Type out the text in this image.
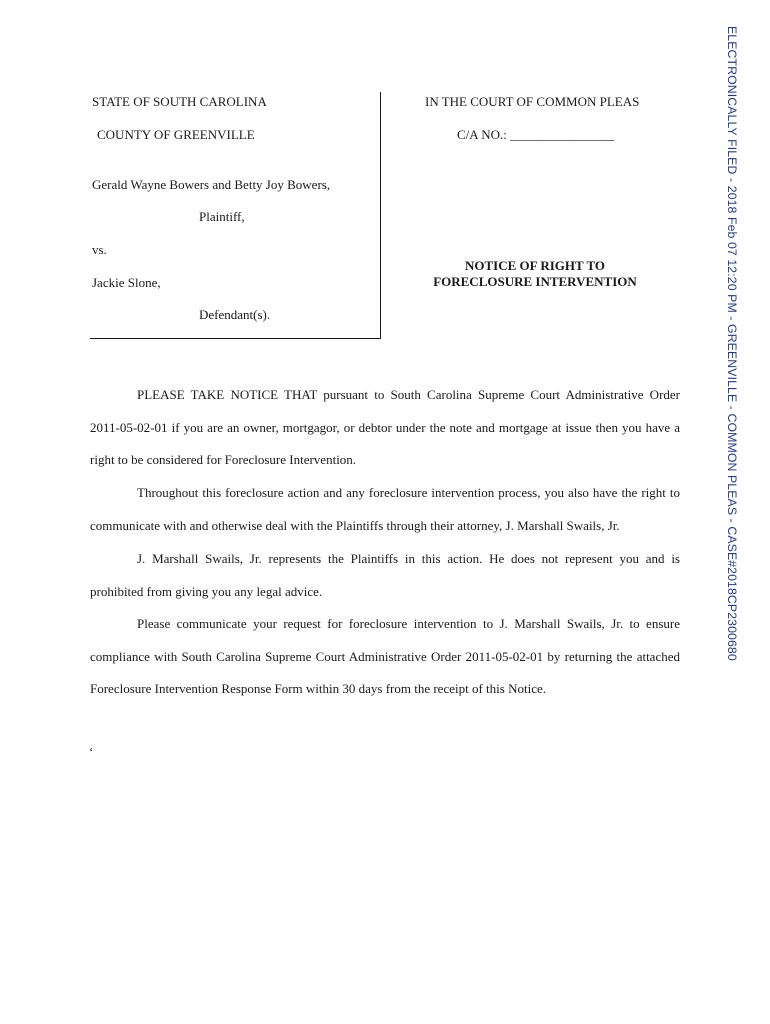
STATE OF SOUTH CAROLINA
COUNTY OF GREENVILLE
Gerald Wayne Bowers and Betty Joy Bowers,
Plaintiff,
vs.
Jackie Slone,
Defendant(s).
IN THE COURT OF COMMON PLEAS
C/A NO.: ________________
NOTICE OF RIGHT TO
FORECLOSURE INTERVENTION
PLEASE TAKE NOTICE THAT pursuant to South Carolina Supreme Court Administrative Order 2011-05-02-01 if you are an owner, mortgagor, or debtor under the note and mortgage at issue then you have a right to be considered for Foreclosure Intervention.
Throughout this foreclosure action and any foreclosure intervention process, you also have the right to communicate with and otherwise deal with the Plaintiffs through their attorney, J. Marshall Swails, Jr.
J. Marshall Swails, Jr. represents the Plaintiffs in this action. He does not represent you and is prohibited from giving you any legal advice.
Please communicate your request for foreclosure intervention to J. Marshall Swails, Jr. to ensure compliance with South Carolina Supreme Court Administrative Order 2011-05-02-01 by returning the attached Foreclosure Intervention Response Form within 30 days from the receipt of this Notice.
‘
ELECTRONICALLY FILED - 2018 Feb 07 12:20 PM - GREENVILLE - COMMON PLEAS - CASE#2018CP2300680
